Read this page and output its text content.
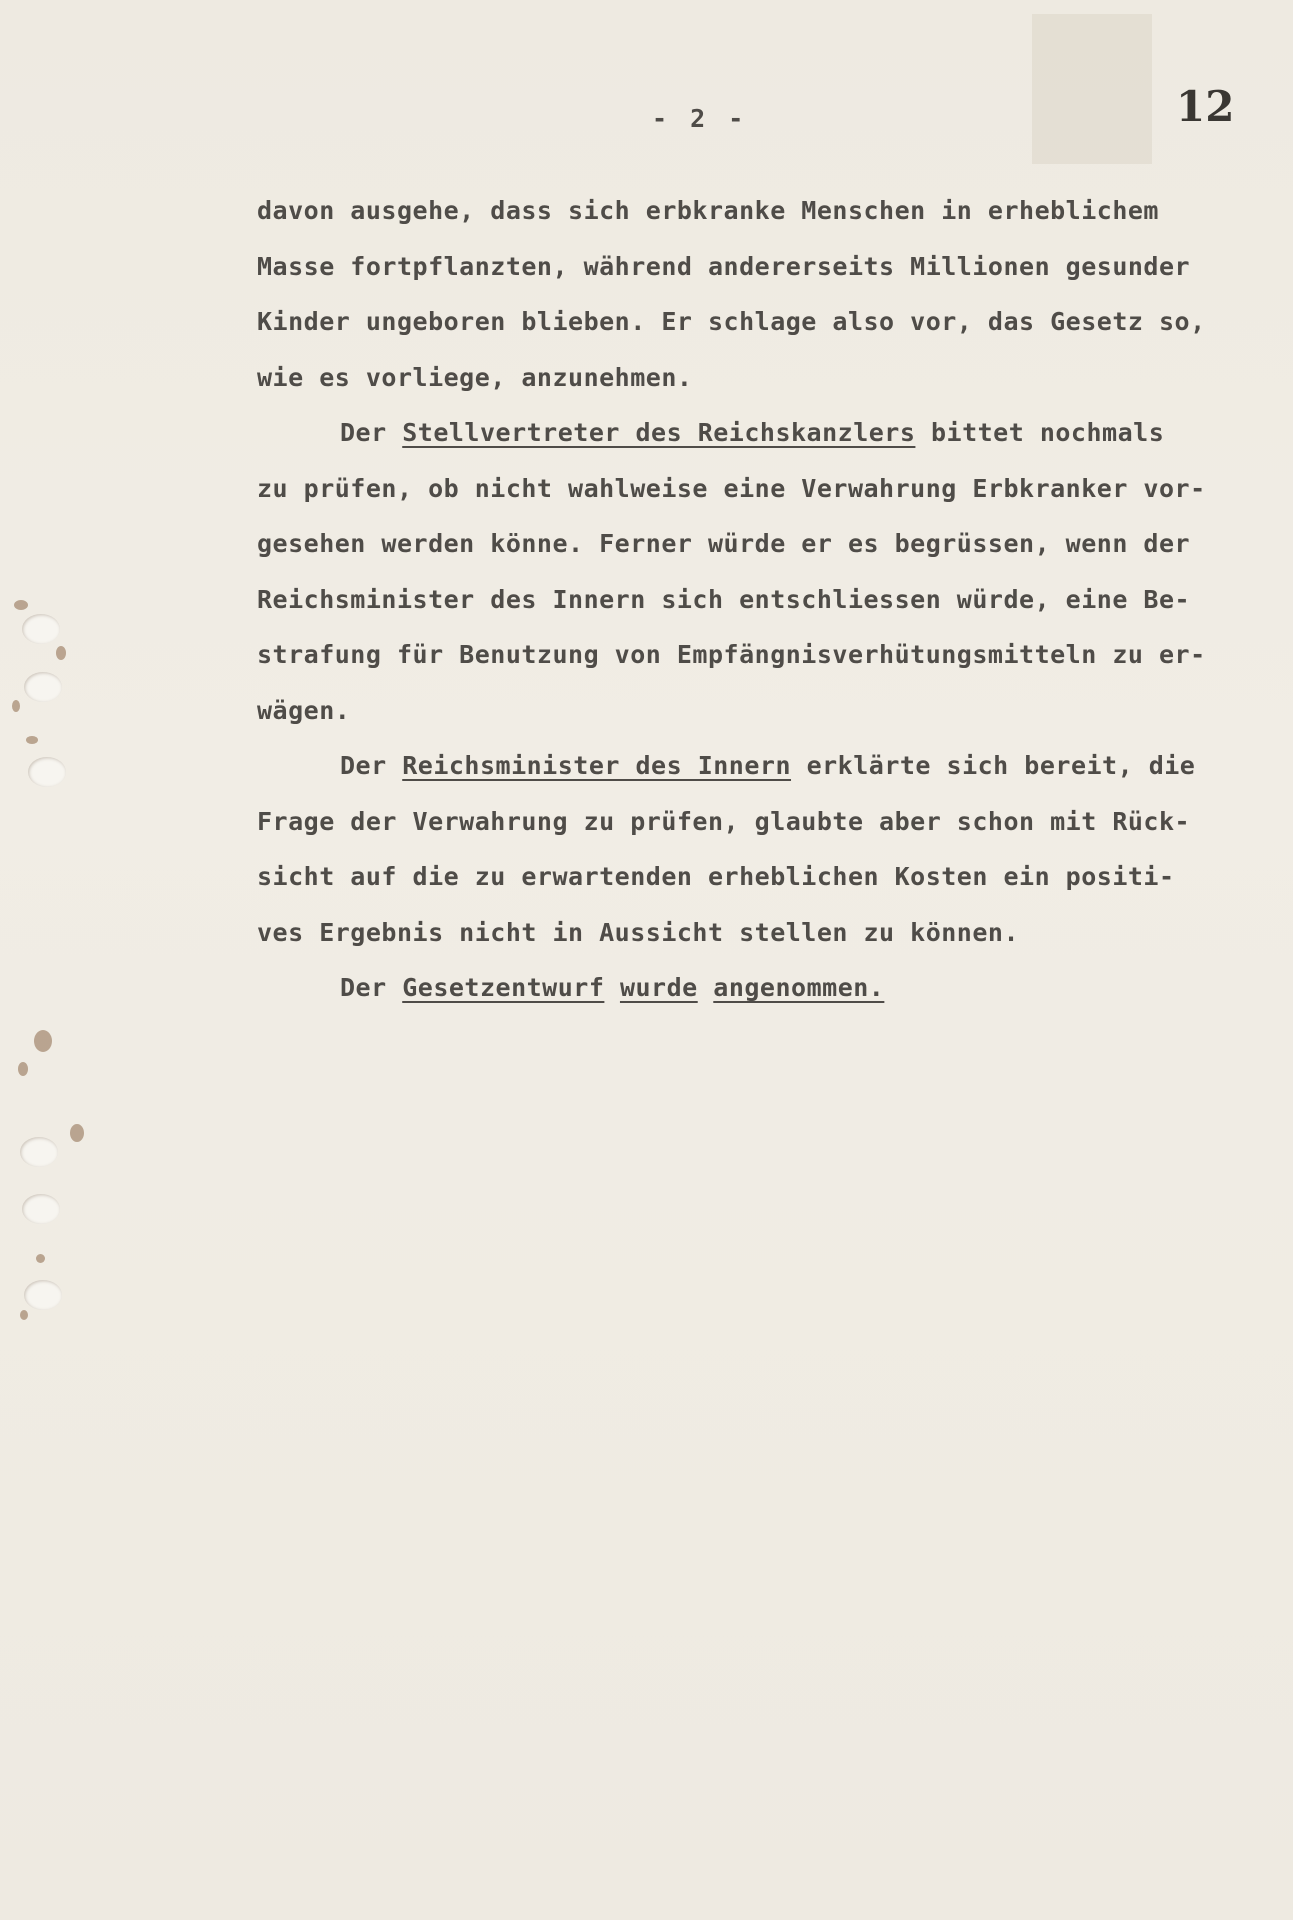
- 2 -	12
davon ausgehe, dass sich erbkranke Menschen in erheblichem
Masse fortpflanzten, während andererseits Millionen gesunder
Kinder ungeboren blieben. Er schlage also vor, das Gesetz so,
wie es vorliege, anzunehmen.
Der Stellvertreter des Reichskanzlers bittet nochmals
zu prüfen, ob nicht wahlweise eine Verwahrung Erbkranker vor-
gesehen werden könne. Ferner würde er es begrüssen, wenn der
Reichsminister des Innern sich entschliessen würde, eine Be-
strafung für Benutzung von Empfängnisverhütungsmitteln zu er-
wägen.
Der Reichsminister des Innern erklärte sich bereit, die
Frage der Verwahrung zu prüfen, glaubte aber schon mit Rück-
sicht auf die zu erwartenden erheblichen Kosten ein positi-
ves Ergebnis nicht in Aussicht stellen zu können.
Der Gesetzentwurf wurde angenommen.
